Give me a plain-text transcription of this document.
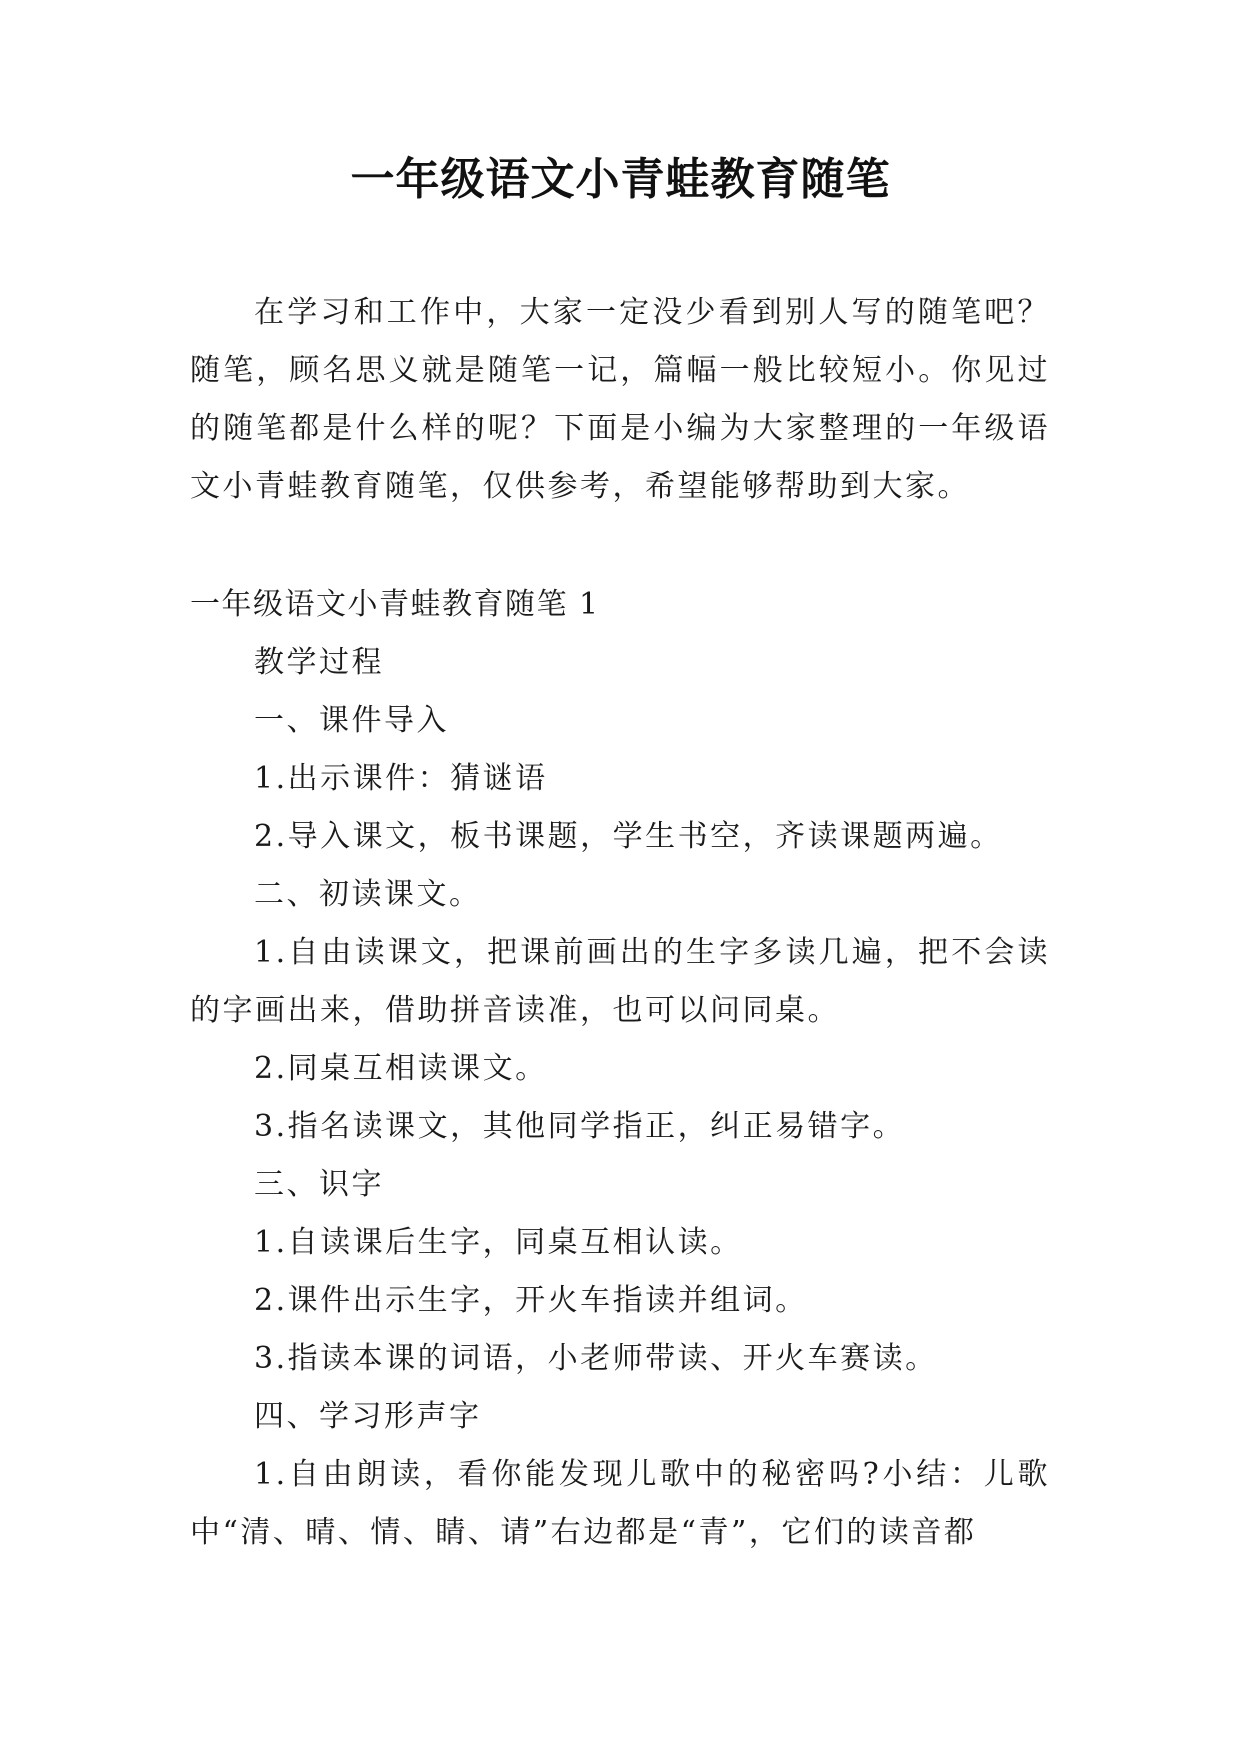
一年级语文小青蛙教育随笔
在学习和工作中，大家一定没少看到别人写的随笔吧？随笔，顾名思义就是随笔一记，篇幅一般比较短小。你见过的随笔都是什么样的呢？下面是小编为大家整理的一年级语文小青蛙教育随笔，仅供参考，希望能够帮助到大家。
一年级语文小青蛙教育随笔 1

教学过程

一、课件导入

1.出示课件：猜谜语

2.导入课文，板书课题，学生书空，齐读课题两遍。

二、初读课文。

1.自由读课文，把课前画出的生字多读几遍，把不会读的字画出来，借助拼音读准，也可以问同桌。

2.同桌互相读课文。

3.指名读课文，其他同学指正，纠正易错字。

三、识字

1.自读课后生字，同桌互相认读。

2.课件出示生字，开火车指读并组词。

3.指读本课的词语，小老师带读、开火车赛读。

四、学习形声字

1.自由朗读，看你能发现儿歌中的秘密吗?小结：儿歌中“清、晴、情、睛、请”右边都是“青”，它们的读音都
